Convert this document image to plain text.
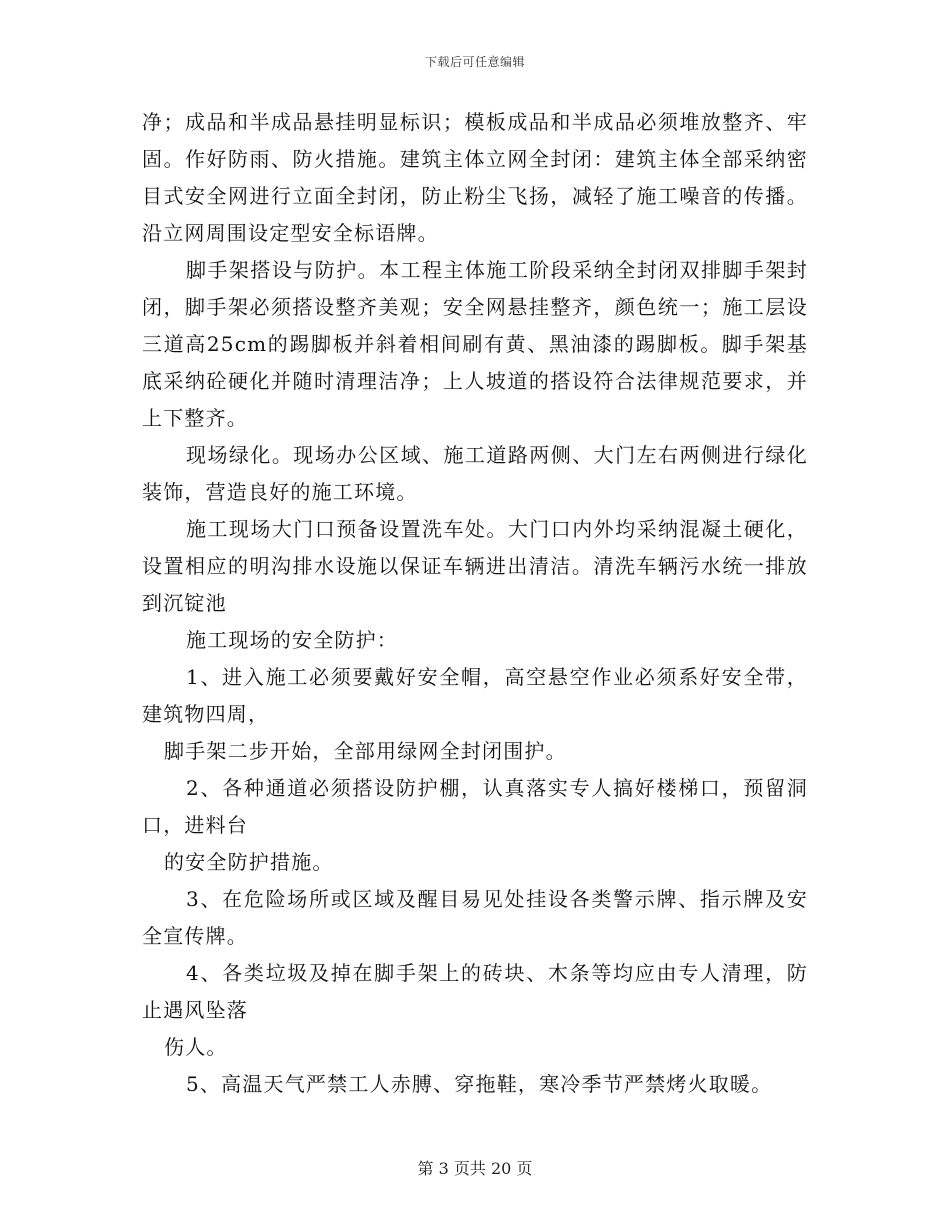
下载后可任意编辑

净；成品和半成品悬挂明显标识；模板成品和半成品必须堆放整齐、牢固。作好防雨、防火措施。建筑主体立网全封闭：建筑主体全部采纳密目式安全网进行立面全封闭，防止粉尘飞扬，减轻了施工噪音的传播。沿立网周围设定型安全标语牌。

脚手架搭设与防护。本工程主体施工阶段采纳全封闭双排脚手架封闭，脚手架必须搭设整齐美观；安全网悬挂整齐，颜色统一；施工层设三道高25cm的踢脚板并斜着相间刷有黄、黑油漆的踢脚板。脚手架基底采纳砼硬化并随时清理洁净；上人坡道的搭设符合法律规范要求，并上下整齐。

现场绿化。现场办公区域、施工道路两侧、大门左右两侧进行绿化装饰，营造良好的施工环境。

施工现场大门口预备设置洗车处。大门口内外均采纳混凝土硬化，设置相应的明沟排水设施以保证车辆进出清洁。清洗车辆污水统一排放到沉锭池

施工现场的安全防护：

1、进入施工必须要戴好安全帽，高空悬空作业必须系好安全带，建筑物四周，

脚手架二步开始，全部用绿网全封闭围护。

2、各种通道必须搭设防护棚，认真落实专人搞好楼梯口，预留洞口，进料台

的安全防护措施。

3、在危险场所或区域及醒目易见处挂设各类警示牌、指示牌及安全宣传牌。

4、各类垃圾及掉在脚手架上的砖块、木条等均应由专人清理，防止遇风坠落

伤人。

5、高温天气严禁工人赤膊、穿拖鞋，寒冷季节严禁烤火取暖。

第 3 页共 20 页
